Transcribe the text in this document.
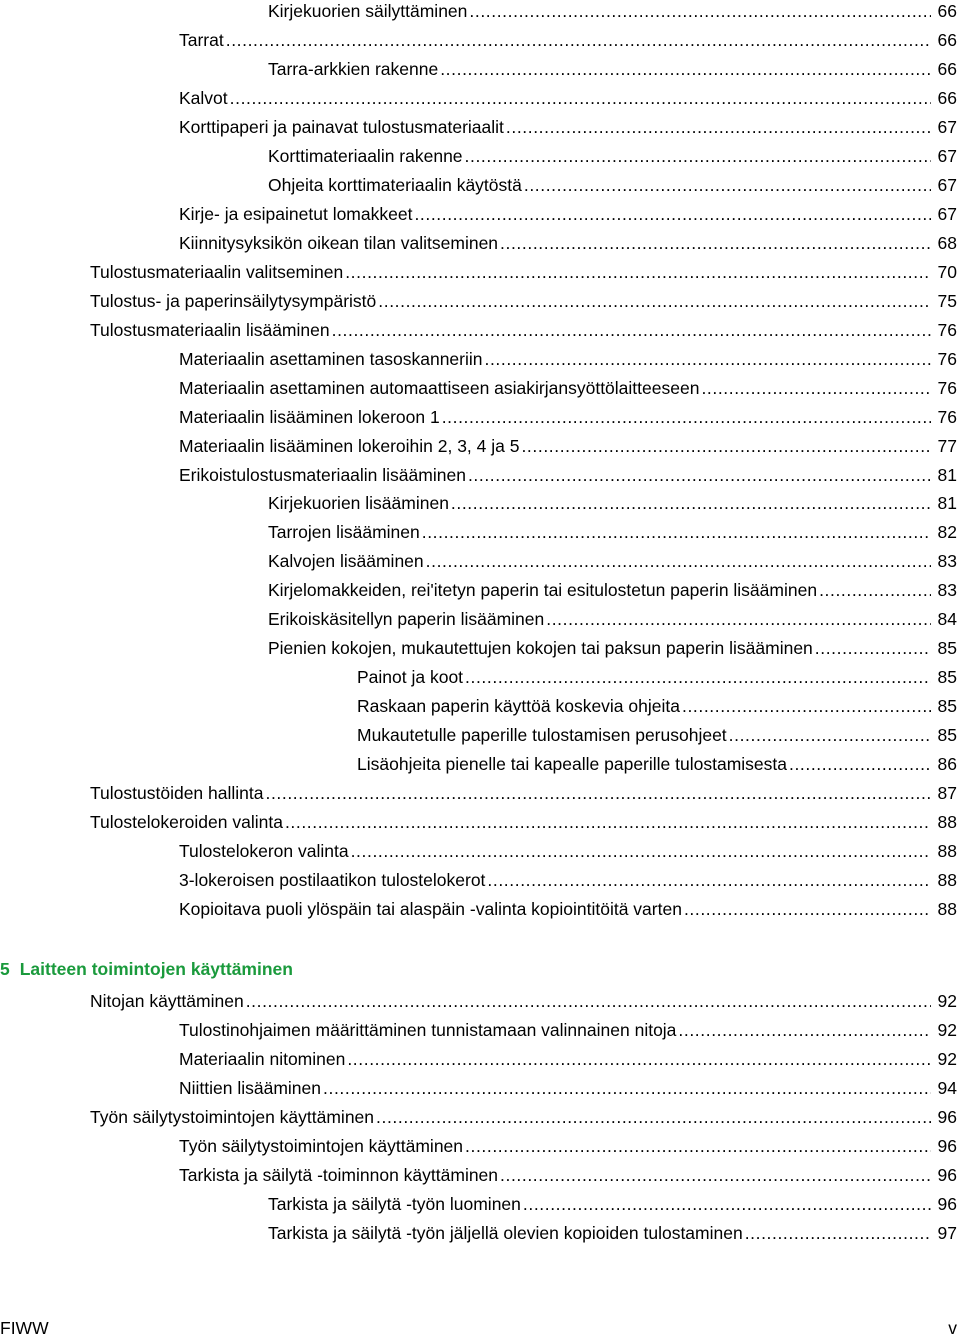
Kirjekuorien säilyttäminen .....	66
Tarrat .....	66
Tarra-arkkien rakenne .....	66
Kalvot .....	66
Korttipaperi ja painavat tulostusmateriaalit .....	67
Korttimateriaalin rakenne .....	67
Ohjeita korttimateriaalin käytöstä .....	67
Kirje- ja esipainetut lomakkeet .....	67
Kiinnitysyksikön oikean tilan valitseminen .....	68
Tulostusmateriaalin valitseminen .....	70
Tulostus- ja paperinsäilytysympäristö .....	75
Tulostusmateriaalin lisääminen .....	76
Materiaalin asettaminen tasoskanneriin .....	76
Materiaalin asettaminen automaattiseen asiakirjansyöttölaitteeseen .....	76
Materiaalin lisääminen lokeroon 1 .....	76
Materiaalin lisääminen lokeroihin 2, 3, 4 ja 5 .....	77
Erikoistulostusmateriaalin lisääminen .....	81
Kirjekuorien lisääminen .....	81
Tarrojen lisääminen .....	82
Kalvojen lisääminen .....	83
Kirjelomakkeiden, rei'itetyn paperin tai esitulostetun paperin lisääminen .....	83
Erikoiskäsitellyn paperin lisääminen .....	84
Pienien kokojen, mukautettujen kokojen tai paksun paperin lisääminen .....	85
Painot ja koot .....	85
Raskaan paperin käyttöä koskevia ohjeita .....	85
Mukautetulle paperille tulostamisen perusohjeet .....	85
Lisäohjeita pienelle tai kapealle paperille tulostamisesta .....	86
Tulostustöiden hallinta .....	87
Tulostelokeroiden valinta .....	88
Tulostelokeron valinta .....	88
3-lokeroisen postilaatikon tulostelokerot .....	88
Kopioitava puoli ylöspäin tai alaspäin -valinta kopiointitöitä varten .....	88
5 Laitteen toimintojen käyttäminen
Nitojan käyttäminen .....	92
Tulostinohjaimen määrittäminen tunnistamaan valinnainen nitoja .....	92
Materiaalin nitominen .....	92
Niittien lisääminen .....	94
Työn säilytystoimintojen käyttäminen .....	96
Työn säilytystoimintojen käyttäminen .....	96
Tarkista ja säilytä -toiminnon käyttäminen .....	96
Tarkista ja säilytä -työn luominen .....	96
Tarkista ja säilytä -työn jäljellä olevien kopioiden tulostaminen .....	97
FIWW	v
